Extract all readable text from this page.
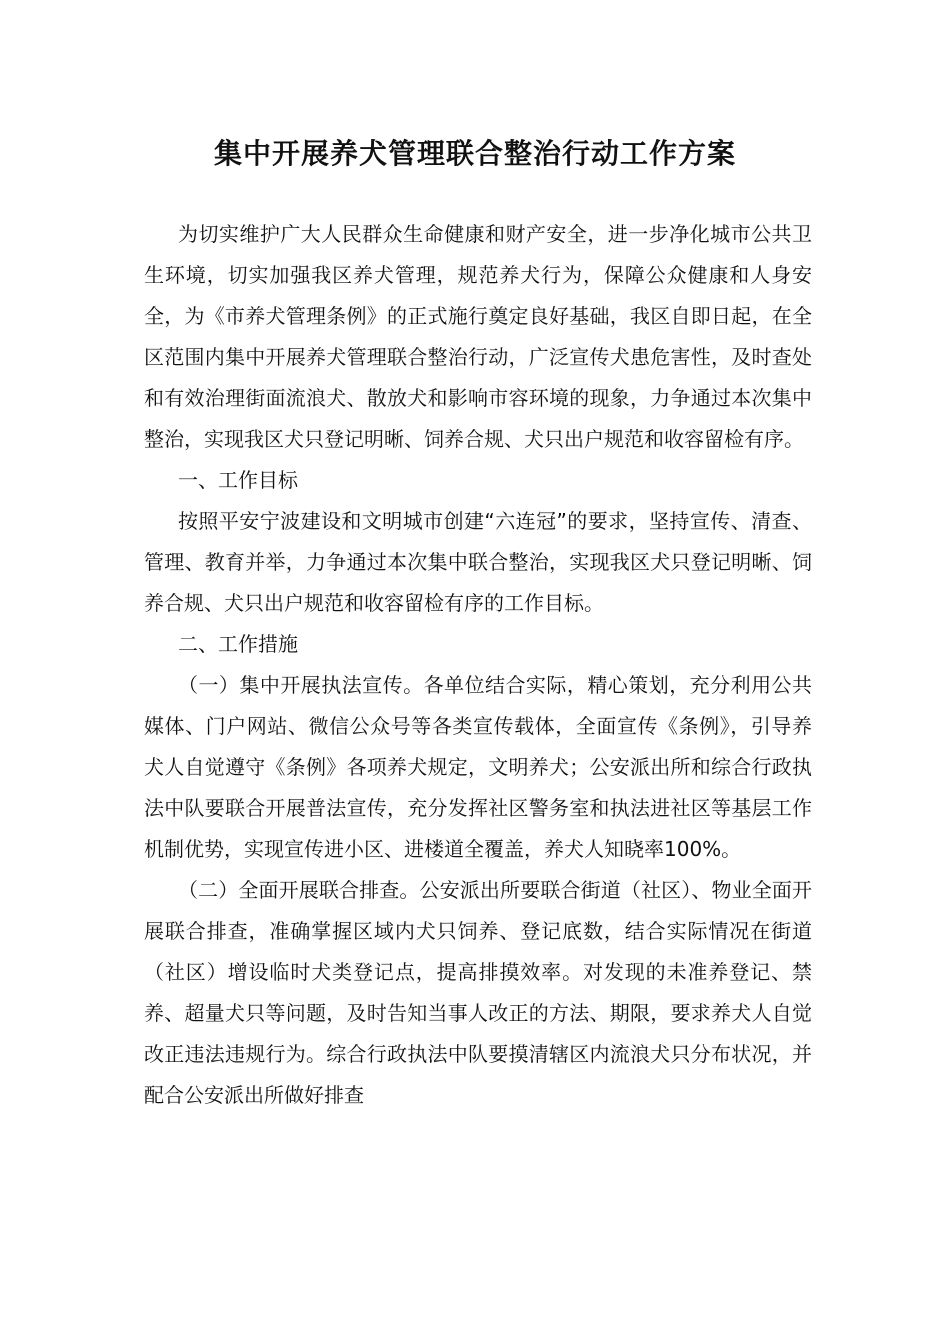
集中开展养犬管理联合整治行动工作方案

为切实维护广大人民群众生命健康和财产安全，进一步净化城市公共卫生环境，切实加强我区养犬管理，规范养犬行为，保障公众健康和人身安全，为《市养犬管理条例》的正式施行奠定良好基础，我区自即日起，在全区范围内集中开展养犬管理联合整治行动，广泛宣传犬患危害性，及时查处和有效治理街面流浪犬、散放犬和影响市容环境的现象，力争通过本次集中整治，实现我区犬只登记明晰、饲养合规、犬只出户规范和收容留检有序。

一、工作目标

按照平安宁波建设和文明城市创建“六连冠”的要求，坚持宣传、清查、管理、教育并举，力争通过本次集中联合整治，实现我区犬只登记明晰、饲养合规、犬只出户规范和收容留检有序的工作目标。

二、工作措施

（一）集中开展执法宣传。各单位结合实际，精心策划，充分利用公共媒体、门户网站、微信公众号等各类宣传载体，全面宣传《条例》，引导养犬人自觉遵守《条例》各项养犬规定，文明养犬；公安派出所和综合行政执法中队要联合开展普法宣传，充分发挥社区警务室和执法进社区等基层工作机制优势，实现宣传进小区、进楼道全覆盖，养犬人知晓率100%。

（二）全面开展联合排查。公安派出所要联合街道（社区）、物业全面开展联合排查，准确掌握区域内犬只饲养、登记底数，结合实际情况在街道（社区）增设临时犬类登记点，提高排摸效率。对发现的未准养登记、禁养、超量犬只等问题，及时告知当事人改正的方法、期限，要求养犬人自觉改正违法违规行为。综合行政执法中队要摸清辖区内流浪犬只分布状况，并配合公安派出所做好排查
